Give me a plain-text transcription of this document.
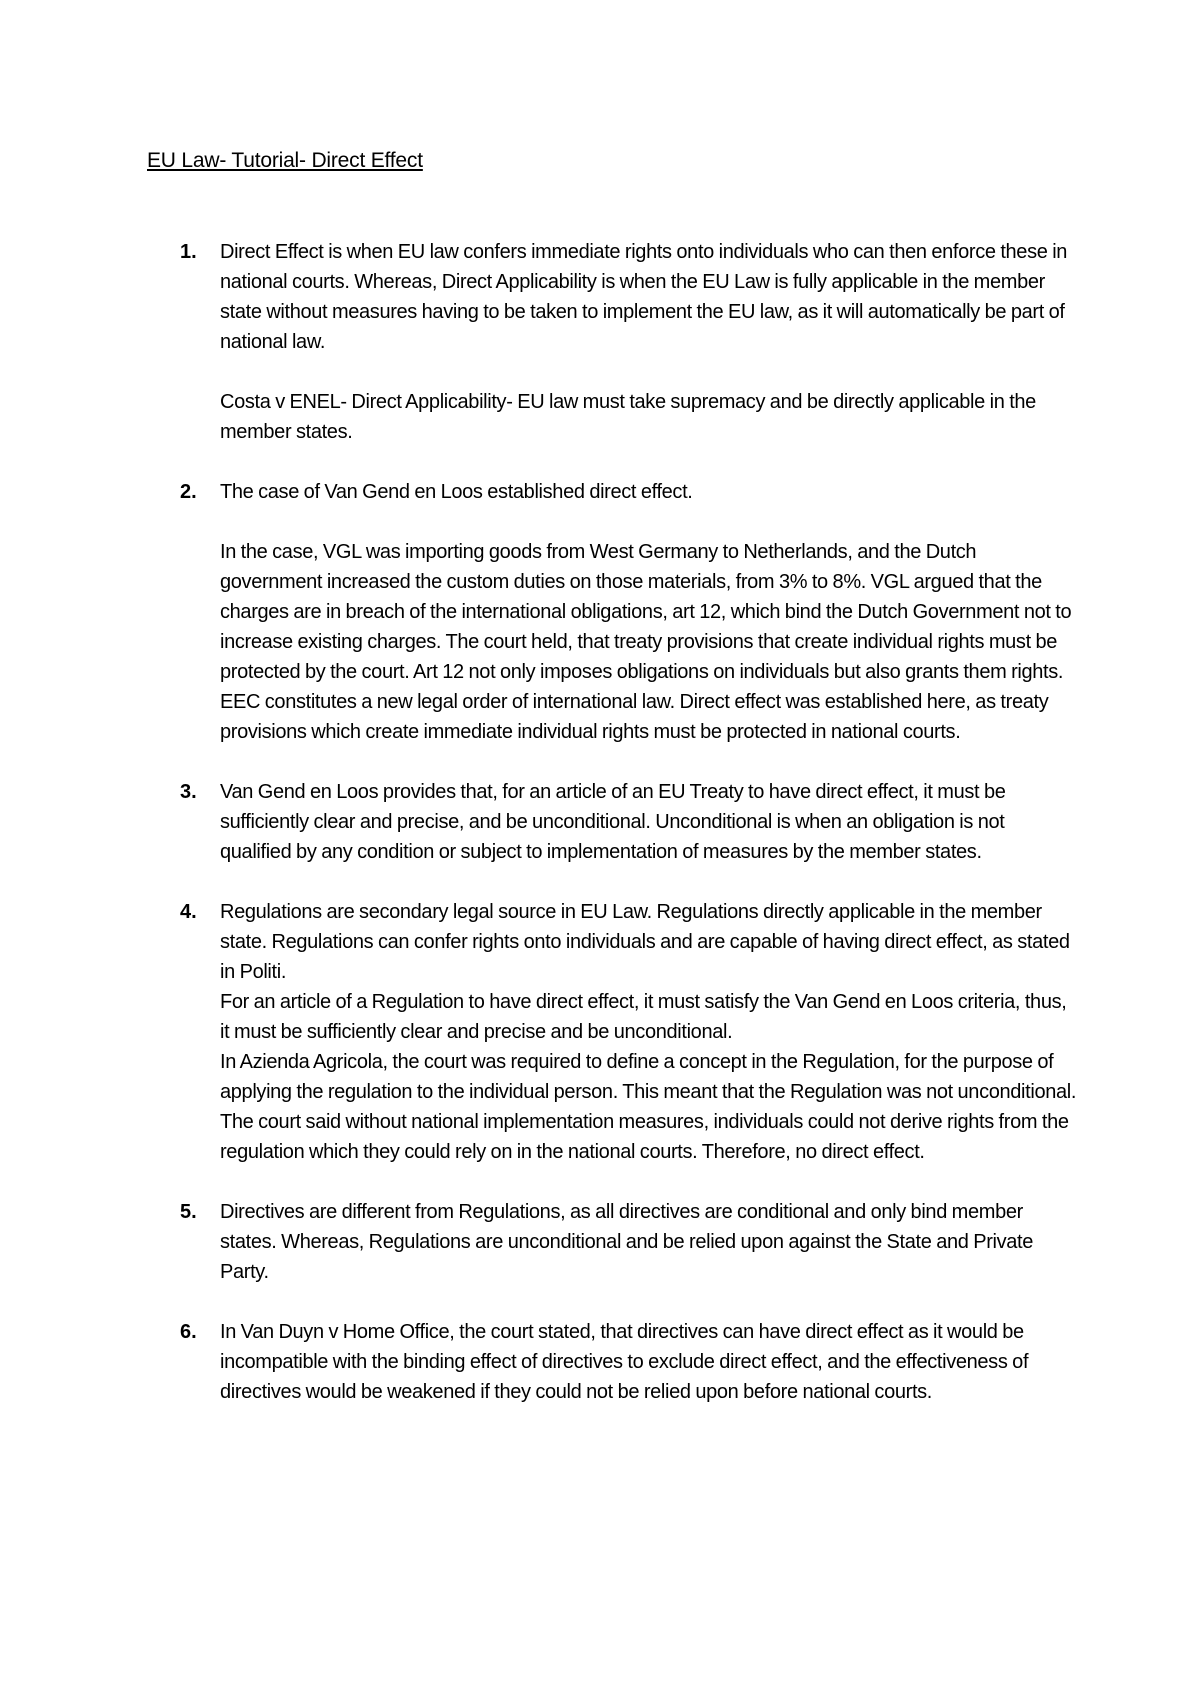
EU Law- Tutorial- Direct Effect
1. Direct Effect is when EU law confers immediate rights onto individuals who can then enforce these in national courts. Whereas, Direct Applicability is when the EU Law is fully applicable in the member state without measures having to be taken to implement the EU law, as it will automatically be part of national law.

Costa v ENEL- Direct Applicability- EU law must take supremacy and be directly applicable in the member states.

2. The case of Van Gend en Loos established direct effect.

In the case, VGL was importing goods from West Germany to Netherlands, and the Dutch government increased the custom duties on those materials, from 3% to 8%. VGL argued that the charges are in breach of the international obligations, art 12, which bind the Dutch Government not to increase existing charges. The court held, that treaty provisions that create individual rights must be protected by the court. Art 12 not only imposes obligations on individuals but also grants them rights. EEC constitutes a new legal order of international law. Direct effect was established here, as treaty provisions which create immediate individual rights must be protected in national courts.

3. Van Gend en Loos provides that, for an article of an EU Treaty to have direct effect, it must be sufficiently clear and precise, and be unconditional. Unconditional is when an obligation is not qualified by any condition or subject to implementation of measures by the member states.

4. Regulations are secondary legal source in EU Law. Regulations directly applicable in the member state. Regulations can confer rights onto individuals and are capable of having direct effect, as stated in Politi.

For an article of a Regulation to have direct effect, it must satisfy the Van Gend en Loos criteria, thus, it must be sufficiently clear and precise and be unconditional.

In Azienda Agricola, the court was required to define a concept in the Regulation, for the purpose of applying the regulation to the individual person. This meant that the Regulation was not unconditional. The court said without national implementation measures, individuals could not derive rights from the regulation which they could rely on in the national courts. Therefore, no direct effect.

5. Directives are different from Regulations, as all directives are conditional and only bind member states. Whereas, Regulations are unconditional and be relied upon against the State and Private Party.

6. In Van Duyn v Home Office, the court stated, that directives can have direct effect as it would be incompatible with the binding effect of directives to exclude direct effect, and the effectiveness of directives would be weakened if they could not be relied upon before national courts.
